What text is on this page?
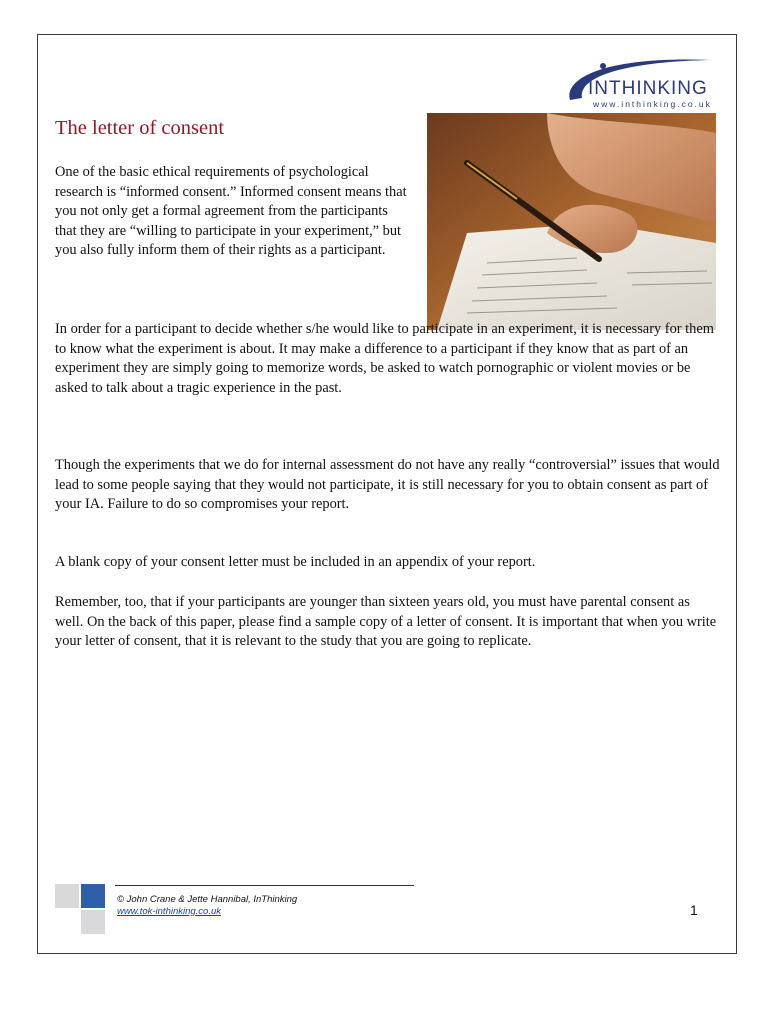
INTHINKING
www.inthinking.co.uk
The letter of consent

One of the basic ethical requirements of psychological research is “informed consent.” Informed consent means that you not only get a formal agreement from the participants that they are “willing to participate in your experiment,” but you also fully inform them of their rights as a participant.

In order for a participant to decide whether s/he would like to participate in an experiment, it is necessary for them to know what the experiment is about. It may make a difference to a participant if they know that as part of an experiment they are simply going to memorize words, be asked to watch pornographic or violent movies or be asked to talk about a tragic experience in the past.

Though the experiments that we do for internal assessment do not have any really “controversial” issues that would lead to some people saying that they would not participate, it is still necessary for you to obtain consent as part of your IA. Failure to do so compromises your report.

A blank copy of your consent letter must be included in an appendix of your report.

Remember, too, that if your participants are younger than sixteen years old, you must have parental consent as well. On the back of this paper, please find a sample copy of a letter of consent. It is important that when you write your letter of consent, that it is relevant to the study that you are going to replicate.

© John Crane & Jette Hannibal, InThinking
www.tok-inthinking.co.uk	1
